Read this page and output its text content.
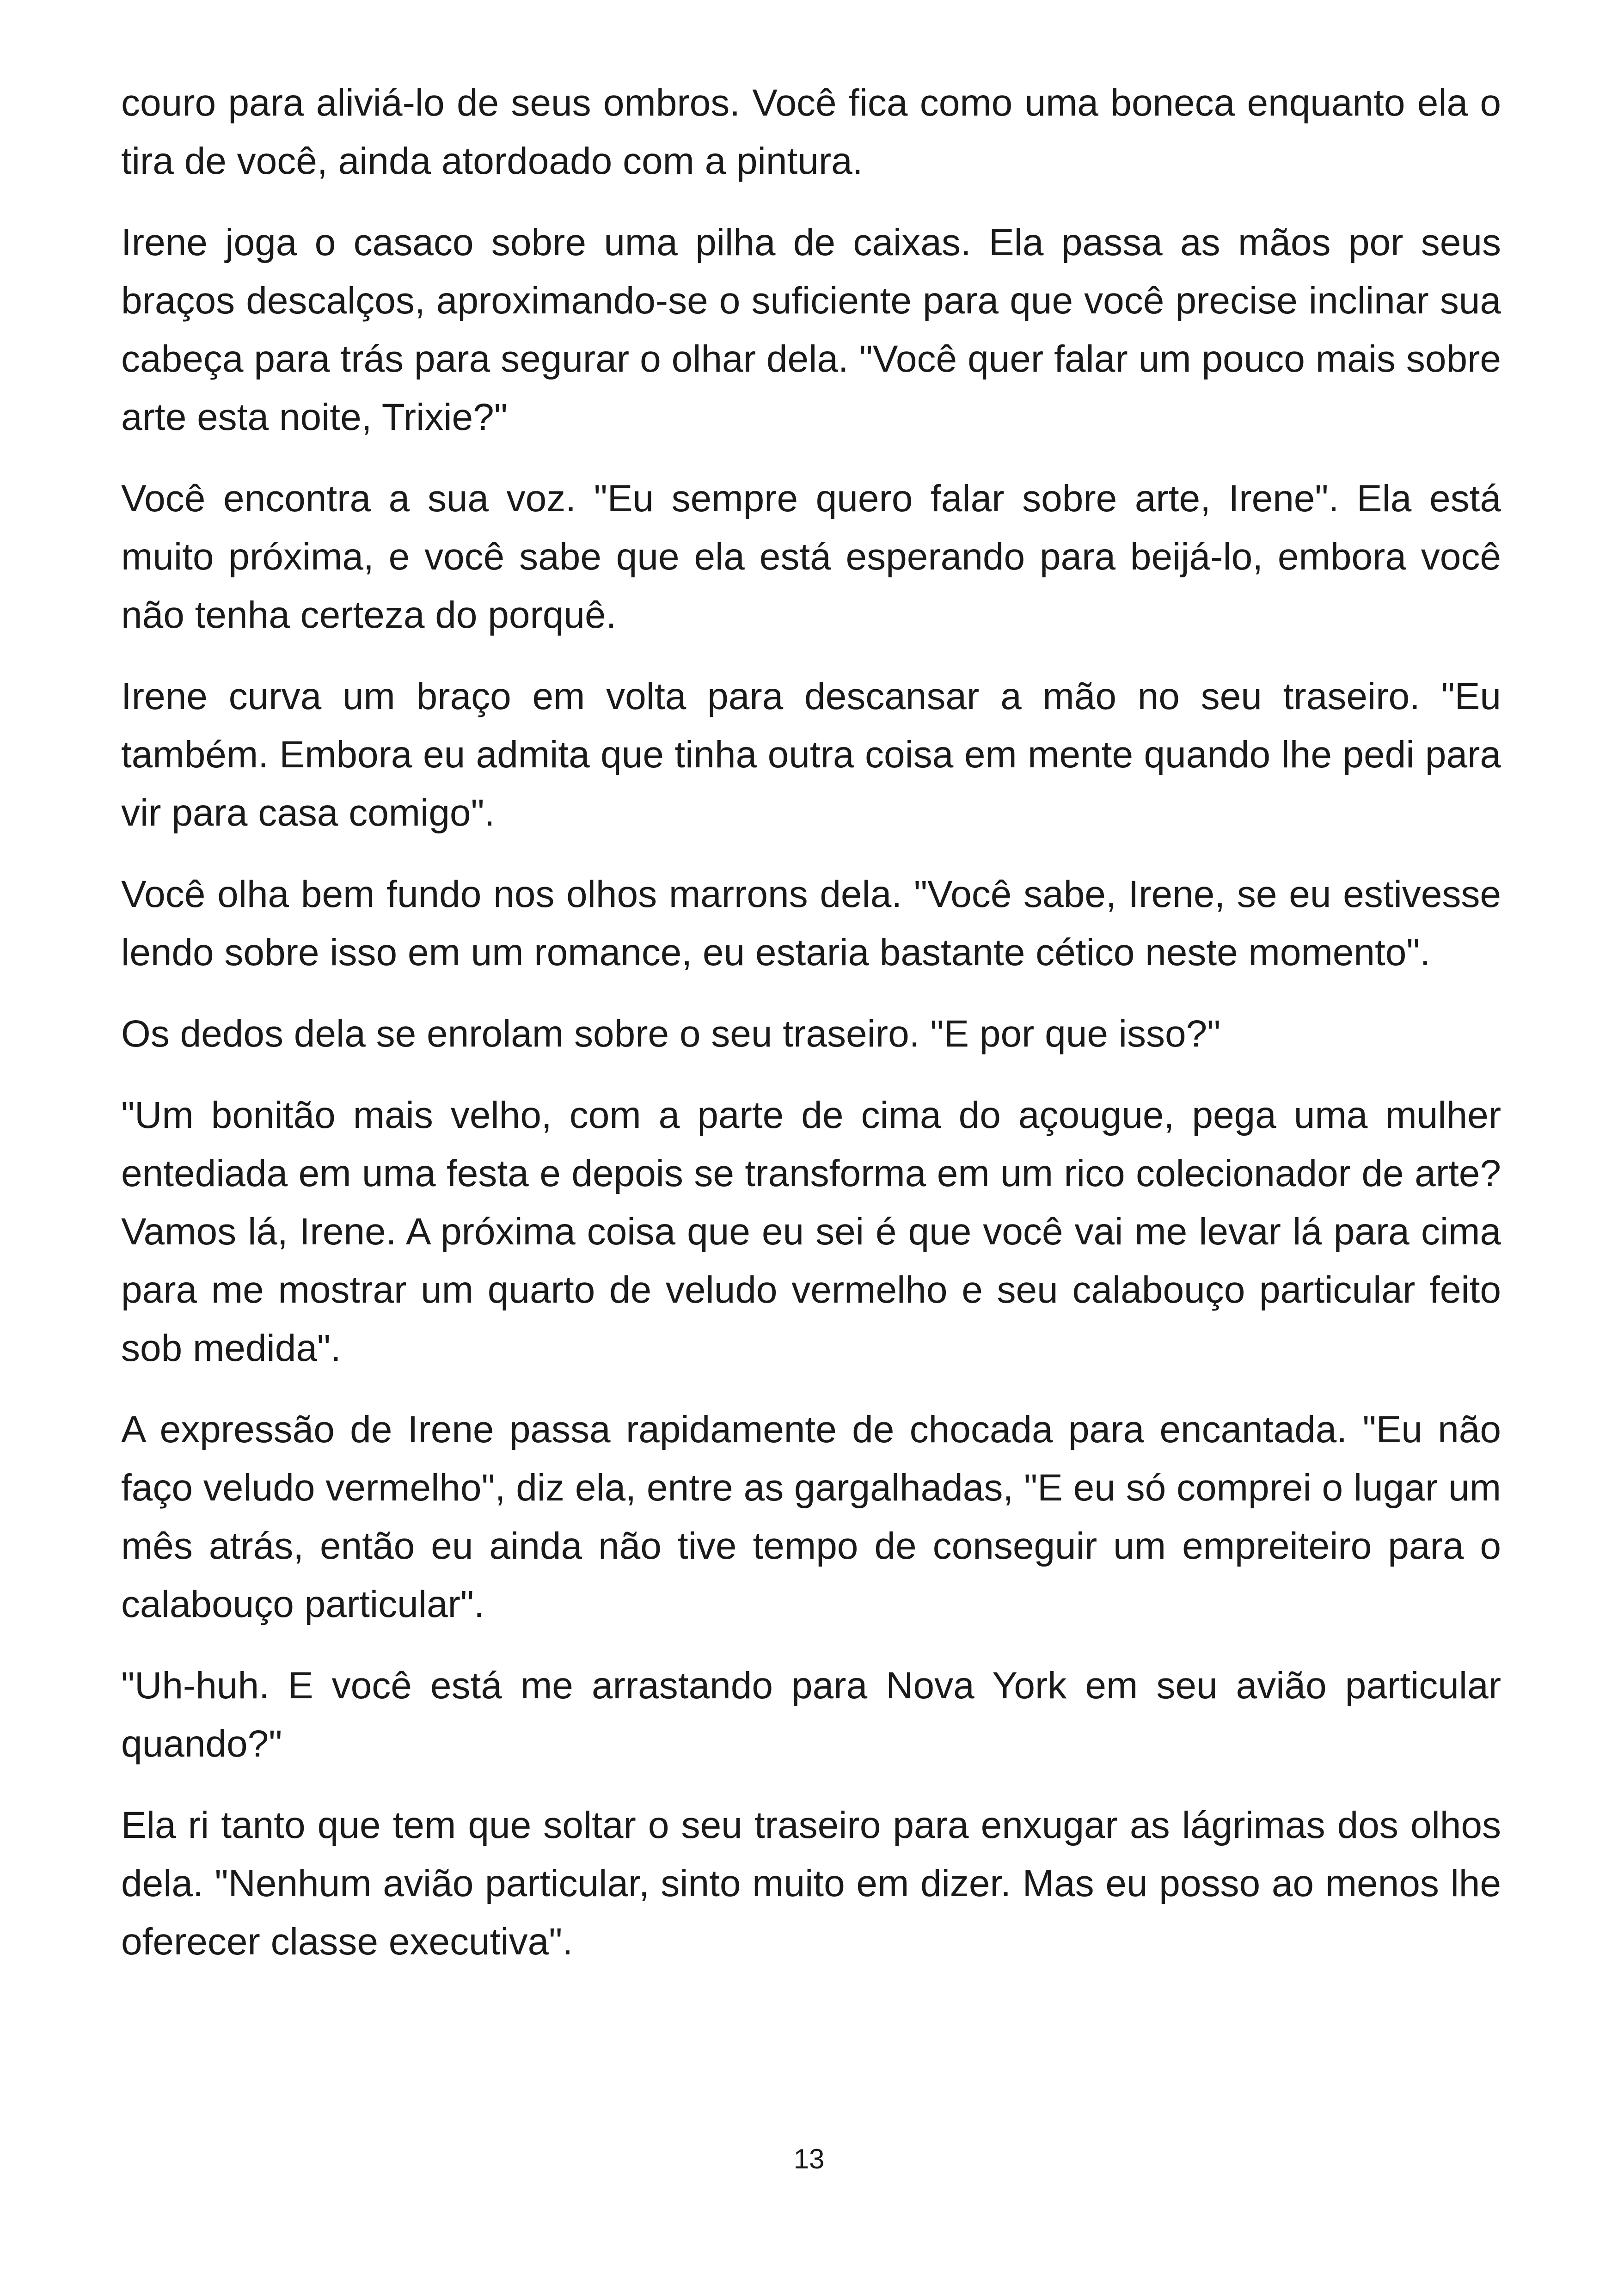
couro para aliviá-lo de seus ombros. Você fica como uma boneca enquanto ela o tira de você, ainda atordoado com a pintura.

Irene joga o casaco sobre uma pilha de caixas. Ela passa as mãos por seus braços descalços, aproximando-se o suficiente para que você precise inclinar sua cabeça para trás para segurar o olhar dela. "Você quer falar um pouco mais sobre arte esta noite, Trixie?"

Você encontra a sua voz. "Eu sempre quero falar sobre arte, Irene". Ela está muito próxima, e você sabe que ela está esperando para beijá-lo, embora você não tenha certeza do porquê.

Irene curva um braço em volta para descansar a mão no seu traseiro. "Eu também. Embora eu admita que tinha outra coisa em mente quando lhe pedi para vir para casa comigo".

Você olha bem fundo nos olhos marrons dela. "Você sabe, Irene, se eu estivesse lendo sobre isso em um romance, eu estaria bastante cético neste momento".

Os dedos dela se enrolam sobre o seu traseiro. "E por que isso?"

"Um bonitão mais velho, com a parte de cima do açougue, pega uma mulher entediada em uma festa e depois se transforma em um rico colecionador de arte? Vamos lá, Irene. A próxima coisa que eu sei é que você vai me levar lá para cima para me mostrar um quarto de veludo vermelho e seu calabouço particular feito sob medida".

A expressão de Irene passa rapidamente de chocada para encantada. "Eu não faço veludo vermelho", diz ela, entre as gargalhadas, "E eu só comprei o lugar um mês atrás, então eu ainda não tive tempo de conseguir um empreiteiro para o calabouço particular".

"Uh-huh. E você está me arrastando para Nova York em seu avião particular quando?"

Ela ri tanto que tem que soltar o seu traseiro para enxugar as lágrimas dos olhos dela. "Nenhum avião particular, sinto muito em dizer. Mas eu posso ao menos lhe oferecer classe executiva".

13
